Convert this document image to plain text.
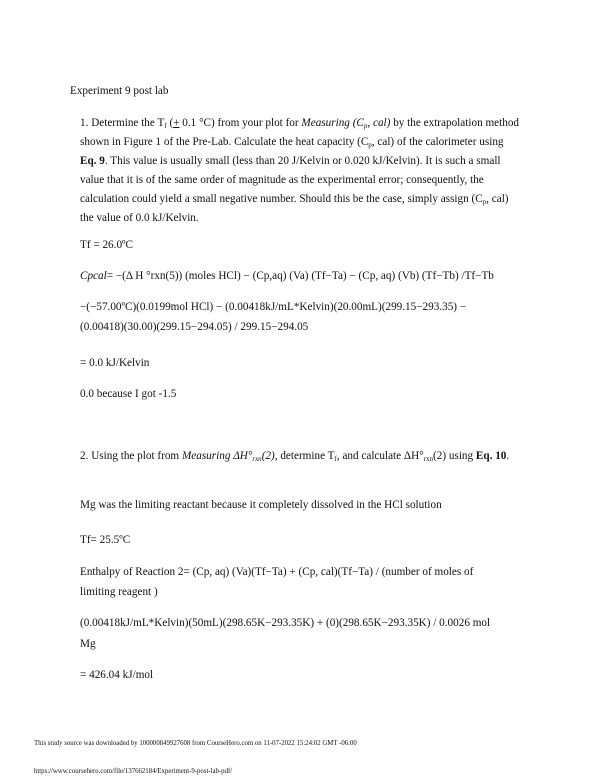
Experiment 9 post lab
1. Determine the $T_f$ (+ 0.1 °C) from your plot for Measuring ($C_p$, cal) by the extrapolation method shown in Figure 1 of the Pre-Lab. Calculate the heat capacity ($C_p$, cal) of the calorimeter using Eq. 9. This value is usually small (less than 20 J/Kelvin or 0.020 kJ/Kelvin). It is such a small value that it is of the same order of magnitude as the experimental error; consequently, the calculation could yield a small negative number. Should this be the case, simply assign ($C_p$, cal) the value of 0.0 kJ/Kelvin.
Tf = 26.0ºC
Cpcal= −(Δ H °rxn(5)) (moles HCl) − (Cp,aq) (Va) (Tf−Ta) − (Cp, aq) (Vb) (Tf−Tb) /Tf−Tb
−(−57.00ºC)(0.0199mol HCl) − (0.00418kJ/mL*Kelvin)(20.00mL)(299.15−293.35) −
(0.00418)(30.00)(299.15−294.05) / 299.15−294.05
= 0.0 kJ/Kelvin
0.0 because I got -1.5
2. Using the plot from Measuring $\Delta H^\circ_{rxn}(2)$, determine $T_f$, and calculate $\Delta H^\circ_{rxn}(2)$ using Eq. 10.
Mg was the limiting reactant because it completely dissolved in the HCl solution
Tf= 25.5ºC
Enthalpy of Reaction 2= (Cp, aq) (Va)(Tf−Ta) + (Cp, cal)(Tf−Ta) / (number of moles of
limiting reagent )
(0.00418kJ/mL*Kelvin)(50mL)(298.65K−293.35K) + (0)(298.65K−293.35K) / 0.0026 mol
Mg
= 426.04 kJ/mol
This study source was downloaded by 100000849927608 from CourseHero.com on 11-07-2022 15:24:02 GMT -06:00
https://www.coursehero.com/file/137662184/Experiment-9-post-lab-pdf/
